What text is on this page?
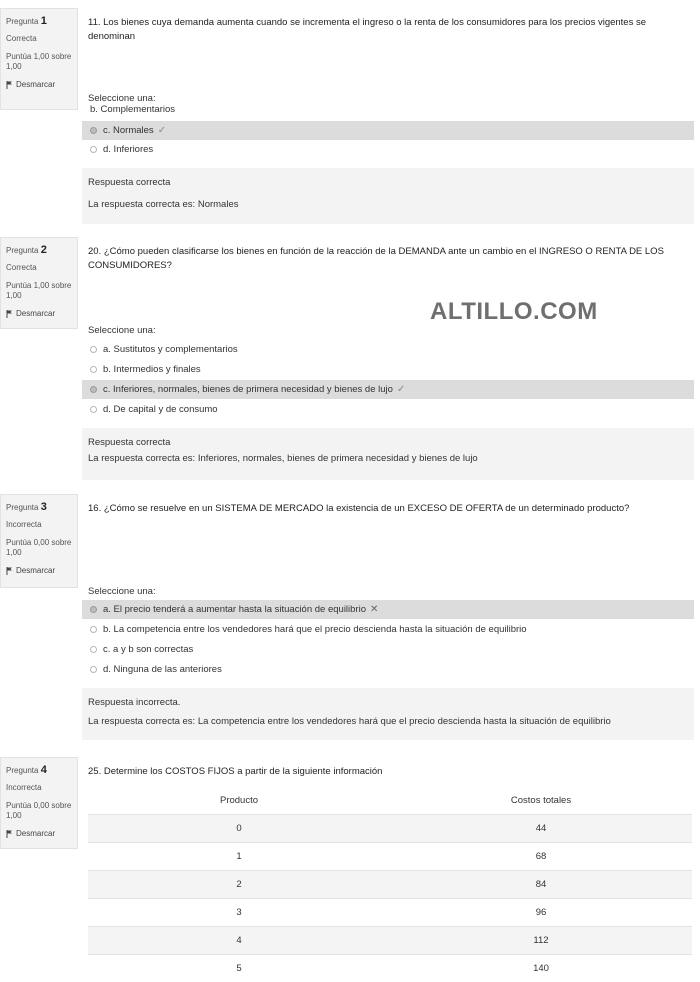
Pregunta 1
Correcta
Puntúa 1,00 sobre 1,00
Desmarcar
11. Los bienes cuya demanda aumenta cuando se incrementa el ingreso o la renta de los consumidores para los precios vigentes se denominan
Seleccione una:
b. Complementarios
c. Normales ✓
d. Inferiores
Respuesta correcta
La respuesta correcta es: Normales
Pregunta 2
Correcta
Puntúa 1,00 sobre 1,00
Desmarcar
20. ¿Cómo pueden clasificarse los bienes en función de la reacción de la DEMANDA ante un cambio en el INGRESO O RENTA DE LOS CONSUMIDORES?
ALTILLO.COM
Seleccione una:
a. Sustitutos y complementarios
b. Intermedios y finales
c. Inferiores, normales, bienes de primera necesidad y bienes de lujo ✓
d. De capital y de consumo
Respuesta correcta
La respuesta correcta es: Inferiores, normales, bienes de primera necesidad y bienes de lujo
Pregunta 3
Incorrecta
Puntúa 0,00 sobre 1,00
Desmarcar
16. ¿Cómo se resuelve en un SISTEMA DE MERCADO la existencia de un EXCESO DE OFERTA de un determinado producto?
Seleccione una:
a. El precio tenderá a aumentar hasta la situación de equilibrio ✕
b. La competencia entre los vendedores hará que el precio descienda hasta la situación de equilibrio
c. a y b son correctas
d. Ninguna de las anteriores
Respuesta incorrecta.
La respuesta correcta es: La competencia entre los vendedores hará que el precio descienda hasta la situación de equilibrio
Pregunta 4
Incorrecta
Puntúa 0,00 sobre 1,00
Desmarcar
25. Determine los COSTOS FIJOS a partir de la siguiente información
Producto	Costos totales
0	44
1	68
2	84
3	96
4	112
5	140
